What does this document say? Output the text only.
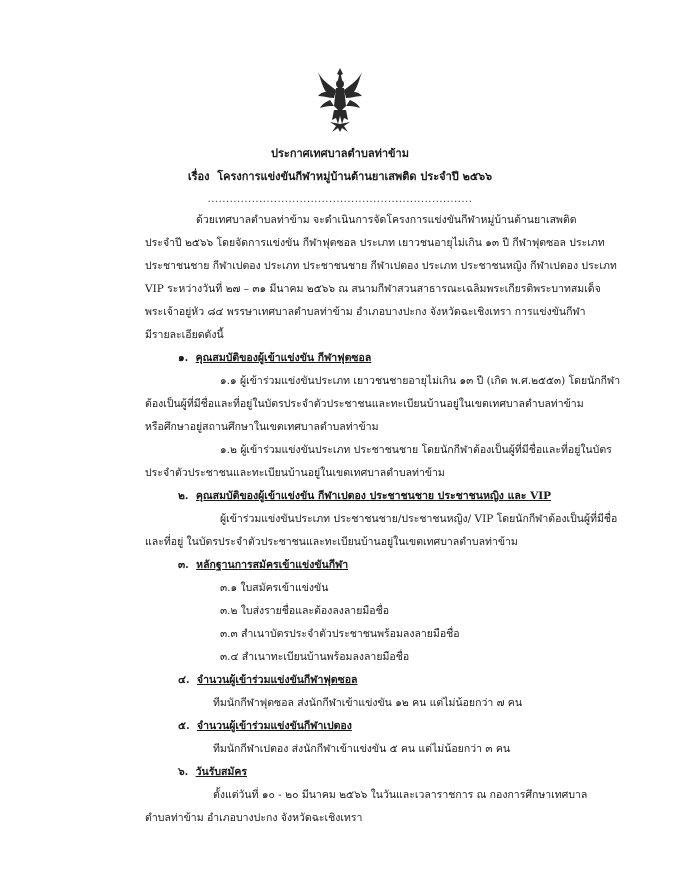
ประกาศเทศบาลตำบลท่าข้าม
เรื่อง โครงการแข่งขันกีฬาหมู่บ้านต้านยาเสพติด ประจำปี ๒๕๖๖
........................................................................
ด้วยเทศบาลตำบลท่าข้าม จะดำเนินการจัดโครงการแข่งขันกีฬาหมู่บ้านต้านยาเสพติด
ประจำปี ๒๕๖๖ โดยจัดการแข่งขัน กีฬาฟุตซอล ประเภท เยาวชนอายุไม่เกิน ๑๓ ปี กีฬาฟุตซอล ประเภท
ประชาชนชาย กีฬาเปตอง ประเภท ประชาชนชาย กีฬาเปตอง ประเภท ประชาชนหญิง กีฬาเปตอง ประเภท
VIP ระหว่างวันที่ ๒๗ – ๓๑ มีนาคม ๒๕๖๖ ณ สนามกีฬาสวนสาธารณะเฉลิมพระเกียรติพระบาทสมเด็จ
พระเจ้าอยู่หัว ๘๔ พรรษาเทศบาลตำบลท่าข้าม อำเภอบางปะกง จังหวัดฉะเชิงเทรา การแข่งขันกีฬา
มีรายละเอียดดังนี้
๑. คุณสมบัติของผู้เข้าแข่งขัน กีฬาฟุตซอล
๑.๑ ผู้เข้าร่วมแข่งขันประเภท เยาวชนชายอายุไม่เกิน ๑๓ ปี (เกิด พ.ศ.๒๕๕๓) โดยนักกีฬา
ต้องเป็นผู้ที่มีชื่อและที่อยู่ในบัตรประจำตัวประชาชนและทะเบียนบ้านอยู่ในเขตเทศบาลตำบลท่าข้าม
หรือศึกษาอยู่สถานศึกษาในเขตเทศบาลตำบลท่าข้าม
๑.๒ ผู้เข้าร่วมแข่งขันประเภท ประชาชนชาย โดยนักกีฬาต้องเป็นผู้ที่มีชื่อและที่อยู่ในบัตร
ประจำตัวประชาชนและทะเบียนบ้านอยู่ในเขตเทศบาลตำบลท่าข้าม
๒. คุณสมบัติของผู้เข้าแข่งขัน กีฬาเปตอง ประชาชนชาย ประชาชนหญิง และ VIP
ผู้เข้าร่วมแข่งขันประเภท ประชาชนชาย/ประชาชนหญิง/ VIP โดยนักกีฬาต้องเป็นผู้ที่มีชื่อ
และที่อยู่ ในบัตรประจำตัวประชาชนและทะเบียนบ้านอยู่ในเขตเทศบาลตำบลท่าข้าม
๓. หลักฐานการสมัครเข้าแข่งขันกีฬา
๓.๑ ใบสมัครเข้าแข่งขัน
๓.๒ ใบส่งรายชื่อและต้องลงลายมือชื่อ
๓.๓ สำเนาบัตรประจำตัวประชาชนพร้อมลงลายมือชื่อ
๓.๔ สำเนาทะเบียนบ้านพร้อมลงลายมือชื่อ
๔. จำนวนผู้เข้าร่วมแข่งขันกีฬาฟุตซอล
ทีมนักกีฬาฟุตซอล ส่งนักกีฬาเข้าแข่งขัน ๑๒ คน แต่ไม่น้อยกว่า ๗ คน
๕. จำนวนผู้เข้าร่วมแข่งขันกีฬาเปตอง
ทีมนักกีฬาเปตอง ส่งนักกีฬาเข้าแข่งขัน ๕ คน แต่ไม่น้อยกว่า ๓ คน
๖. วันรับสมัคร
ตั้งแต่วันที่ ๑๐ - ๒๐ มีนาคม ๒๕๖๖ ในวันและเวลาราชการ ณ กองการศึกษาเทศบาล
ตำบลท่าข้าม อำเภอบางปะกง จังหวัดฉะเชิงเทรา
